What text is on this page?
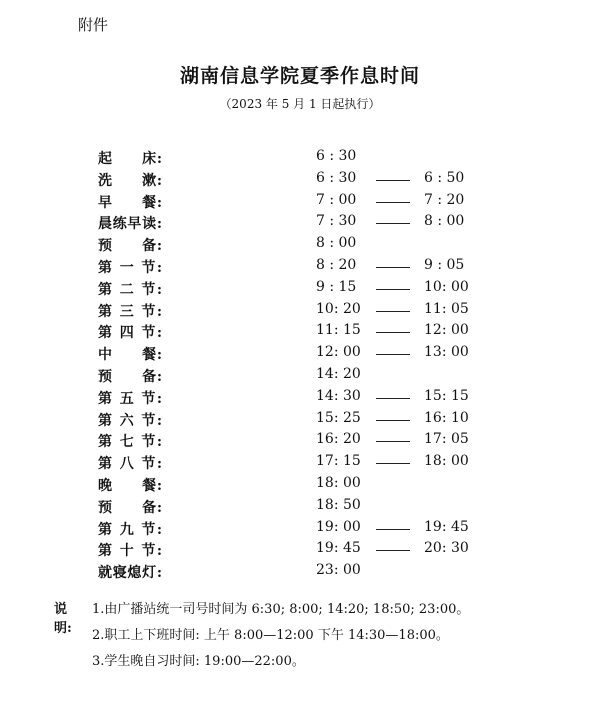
附件
湖南信息学院夏季作息时间
（2023 年 5 月 1 日起执行）
起　　床:	6 : 30
洗　　漱:	6 : 30	6 : 50
早　　餐:	7 : 00	7 : 20
晨练早读:	7 : 30	8 : 00
预　　备:	8 : 00
第 一 节:	8 : 20	9 : 05
第 二 节:	9 : 15	10: 00
第 三 节:	10: 20	11: 05
第 四 节:	11: 15	12: 00
中　　餐:	12: 00	13: 00
预　　备:	14: 20
第 五 节:	14: 30	15: 15
第 六 节:	15: 25	16: 10
第 七 节:	16: 20	17: 05
第 八 节:	17: 15	18: 00
晚　　餐:	18: 00
预　　备:	18: 50
第 九 节:	19: 00	19: 45
第 十 节:	19: 45	20: 30
就寝熄灯:	23: 00
说明:
1.由广播站统一司号时间为 6:30; 8:00; 14:20; 18:50; 23:00。
2.职工上下班时间: 上午 8:00—12:00 下午 14:30—18:00。
3.学生晚自习时间: 19:00—22:00。
